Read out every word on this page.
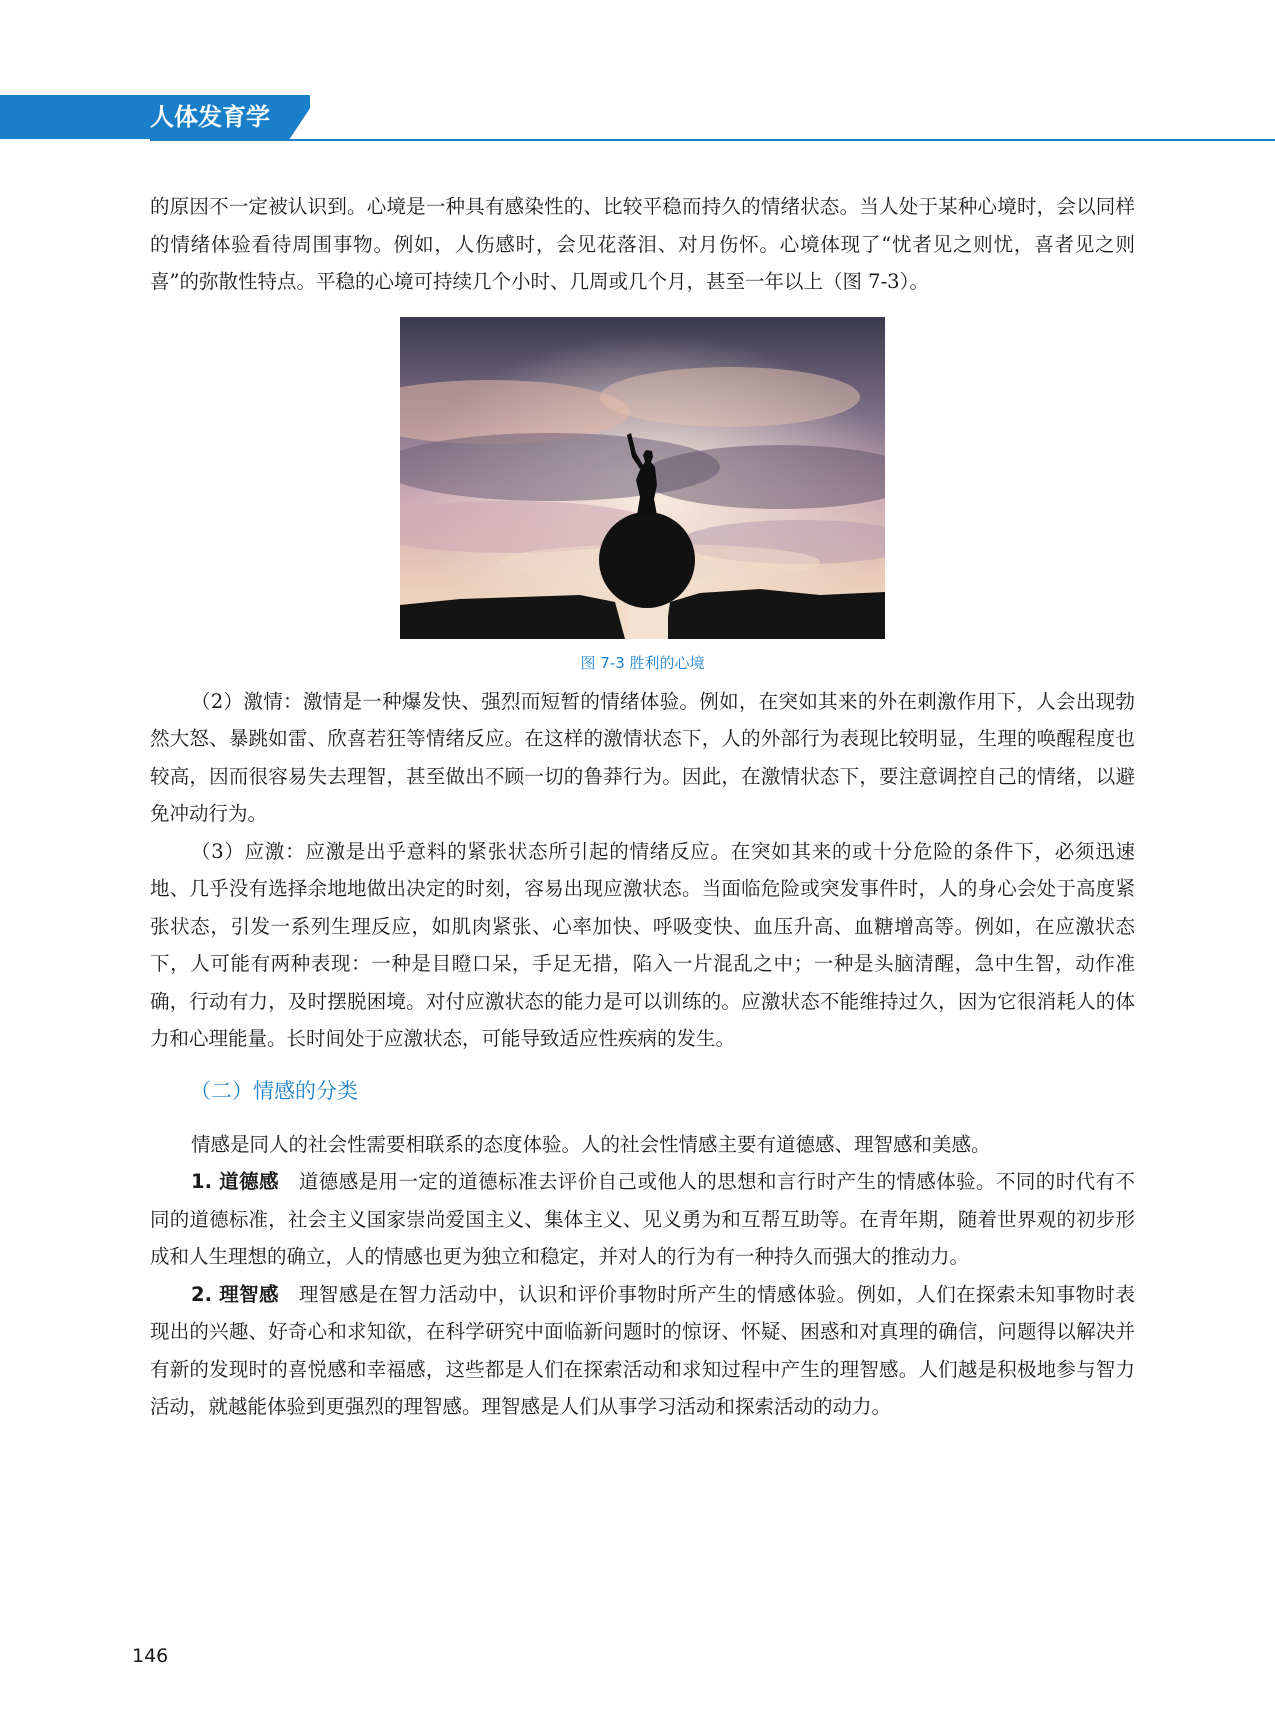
人体发育学

的原因不一定被认识到。心境是一种具有感染性的、比较平稳而持久的情绪状态。当人处于某种心境时，会以同样的情绪体验看待周围事物。例如，人伤感时，会见花落泪、对月伤怀。心境体现了“忧者见之则忧，喜者见之则喜”的弥散性特点。平稳的心境可持续几个小时、几周或几个月，甚至一年以上（图 7-3）。

图 7-3 胜利的心境

（2）激情：激情是一种爆发快、强烈而短暂的情绪体验。例如，在突如其来的外在刺激作用下，人会出现勃然大怒、暴跳如雷、欣喜若狂等情绪反应。在这样的激情状态下，人的外部行为表现比较明显，生理的唤醒程度也较高，因而很容易失去理智，甚至做出不顾一切的鲁莽行为。因此，在激情状态下，要注意调控自己的情绪，以避免冲动行为。

（3）应激：应激是出乎意料的紧张状态所引起的情绪反应。在突如其来的或十分危险的条件下，必须迅速地、几乎没有选择余地地做出决定的时刻，容易出现应激状态。当面临危险或突发事件时，人的身心会处于高度紧张状态，引发一系列生理反应，如肌肉紧张、心率加快、呼吸变快、血压升高、血糖增高等。例如，在应激状态下，人可能有两种表现：一种是目瞪口呆，手足无措，陷入一片混乱之中；一种是头脑清醒，急中生智，动作准确，行动有力，及时摆脱困境。对付应激状态的能力是可以训练的。应激状态不能维持过久，因为它很消耗人的体力和心理能量。长时间处于应激状态，可能导致适应性疾病的发生。

（二）情感的分类

情感是同人的社会性需要相联系的态度体验。人的社会性情感主要有道德感、理智感和美感。

1. 道德感　 道德感是用一定的道德标准去评价自己或他人的思想和言行时产生的情感体验。不同的时代有不同的道德标准，社会主义国家崇尚爱国主义、集体主义、见义勇为和互帮互助等。在青年期，随着世界观的初步形成和人生理想的确立，人的情感也更为独立和稳定，并对人的行为有一种持久而强大的推动力。

2. 理智感　 理智感是在智力活动中，认识和评价事物时所产生的情感体验。例如，人们在探索未知事物时表现出的兴趣、好奇心和求知欲，在科学研究中面临新问题时的惊讶、怀疑、困惑和对真理的确信，问题得以解决并有新的发现时的喜悦感和幸福感，这些都是人们在探索活动和求知过程中产生的理智感。人们越是积极地参与智力活动，就越能体验到更强烈的理智感。理智感是人们从事学习活动和探索活动的动力。

146
